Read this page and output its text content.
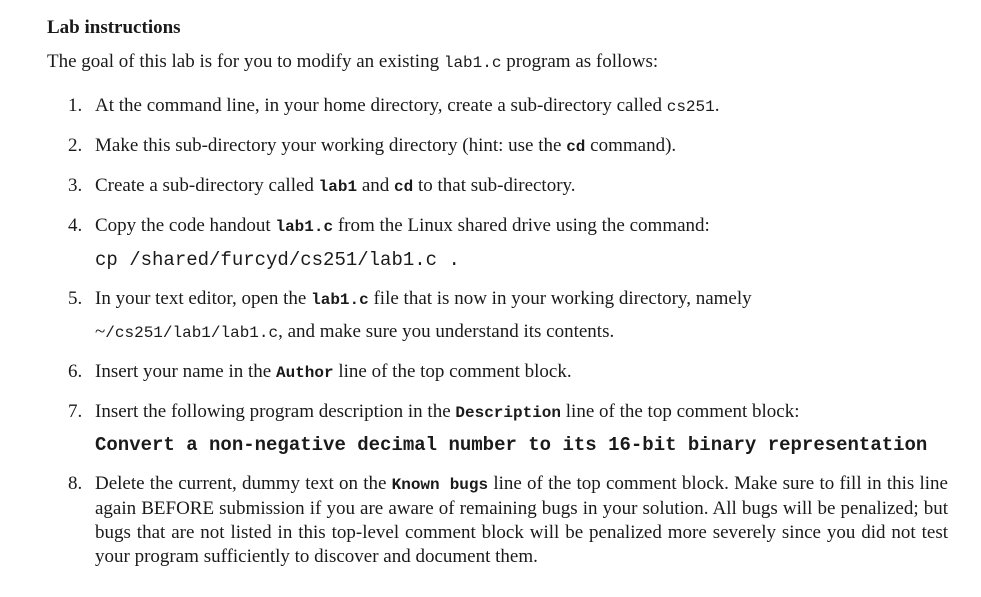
Lab instructions
The goal of this lab is for you to modify an existing lab1.c program as follows:
1. At the command line, in your home directory, create a sub-directory called cs251.
2. Make this sub-directory your working directory (hint: use the cd command).
3. Create a sub-directory called lab1 and cd to that sub-directory.
4. Copy the code handout lab1.c from the Linux shared drive using the command:
cp /shared/furcyd/cs251/lab1.c .
5. In your text editor, open the lab1.c file that is now in your working directory, namely
~/cs251/lab1/lab1.c, and make sure you understand its contents.
6. Insert your name in the Author line of the top comment block.
7. Insert the following program description in the Description line of the top comment block:
Convert a non-negative decimal number to its 16-bit binary representation
8. Delete the current, dummy text on the Known bugs line of the top comment block. Make sure to fill in this line again BEFORE submission if you are aware of remaining bugs in your solution. All bugs will be penalized; but bugs that are not listed in this top-level comment block will be penalized more severely since you did not test your program sufficiently to discover and document them.
